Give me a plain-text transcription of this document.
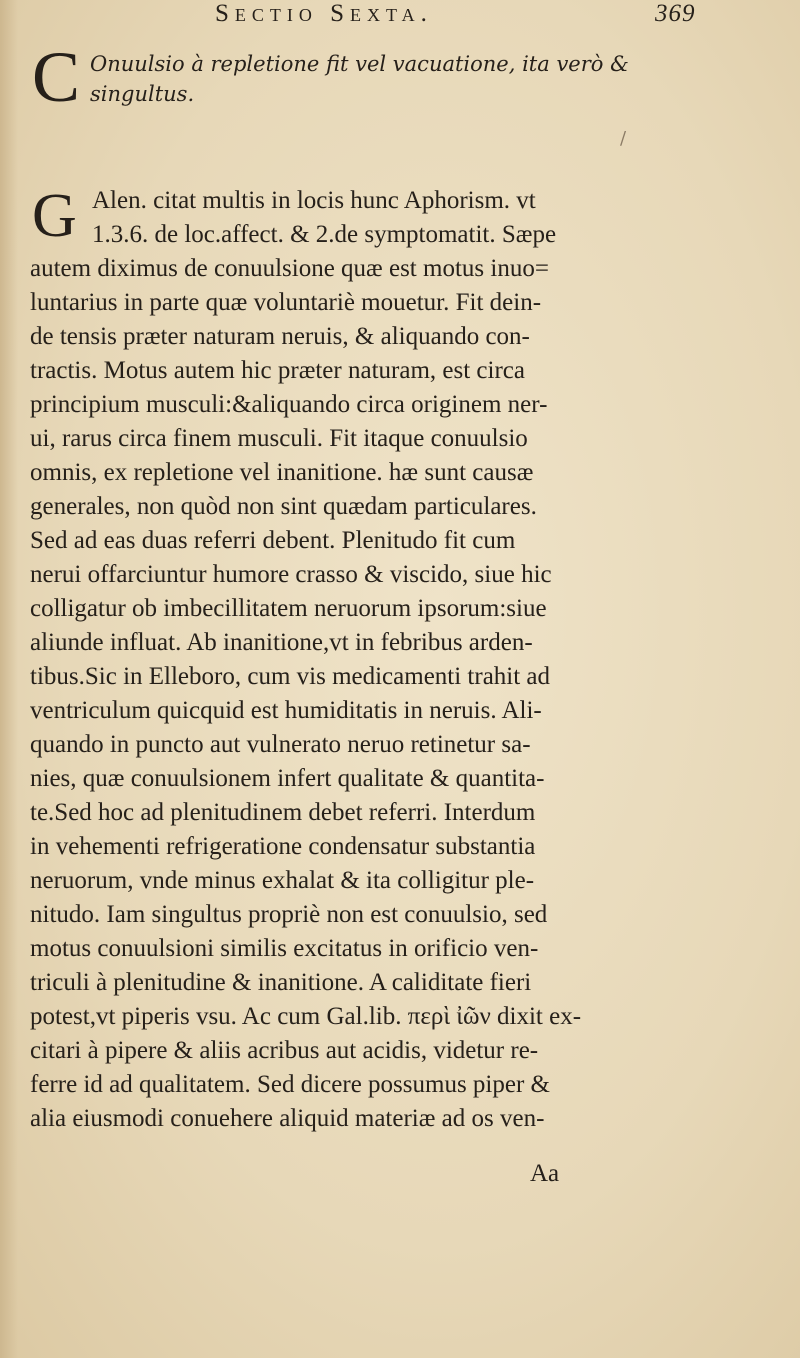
Sectio Sexta.	369
C Onuulsio à repletione fit vel vacuatione, ita verò &
singultus.
/
G Alen. citat multis in locis hunc Aphorism. vt
1.3.6. de loc.affect. & 2.de symptomatit. Sæpe
autem diximus de conuulsione quæ est motus inuo=
luntarius in parte quæ voluntariè mouetur. Fit dein-
de tensis præter naturam neruis, & aliquando con-
tractis. Motus autem hic præter naturam, est circa
principium musculi:&aliquando circa originem ner-
ui, rarus circa finem musculi. Fit itaque conuulsio
omnis, ex repletione vel inanitione. hæ sunt causæ
generales, non quòd non sint quædam particulares.
Sed ad eas duas referri debent. Plenitudo fit cum
nerui offarciuntur humore crasso & viscido, siue hic
colligatur ob imbecillitatem neruorum ipsorum:siue
aliunde influat. Ab inanitione,vt in febribus arden-
tibus.Sic in Elleboro, cum vis medicamenti trahit ad
ventriculum quicquid est humiditatis in neruis. Ali-
quando in puncto aut vulnerato neruo retinetur sa-
nies, quæ conuulsionem infert qualitate & quantita-
te.Sed hoc ad plenitudinem debet referri. Interdum
in vehementi refrigeratione condensatur substantia
neruorum, vnde minus exhalat & ita colligitur ple-
nitudo. Iam singultus propriè non est conuulsio, sed
motus conuulsioni similis excitatus in orificio ven-
triculi à plenitudine & inanitione. A caliditate fieri
potest,vt piperis vsu. Ac cum Gal.lib. περὶ ἰῶν dixit ex-
citari à pipere & aliis acribus aut acidis, videtur re-
ferre id ad qualitatem. Sed dicere possumus piper &
alia eiusmodi conuehere aliquid materiæ ad os ven-
Aa
